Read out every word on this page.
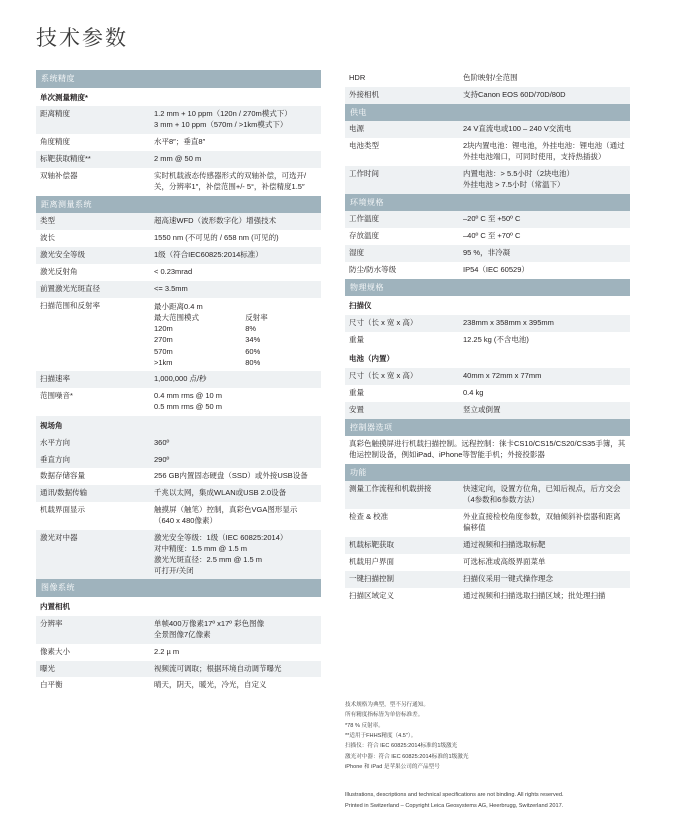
技术参数
系统精度
单次测量精度*	
距离精度	1.2 mm + 10 ppm（120n / 270m模式下）
3 mm + 10 ppm（570m / >1km模式下）
角度精度	水平8″；垂直8″
标靶获取精度**	2 mm @ 50 m
双轴补偿器	实时机载液态传感器形式的双轴补偿，可选开/关，分辨率1″，补偿范围+/- 5°，补偿精度1.5″
距离测量系统
类型	超高速WFD（波形数字化）增强技术
波长	1550 nm (不可见的 / 658 nm (可见的)
激光安全等级	1级（符合IEC60825:2014标准）
激光反射角	< 0.23mrad
前置激光光斑直径	<= 3.5mm
扫描范围和反射率		最小距离0.4 m
最大范围模式	反射率
120m	8%
270m	34%
570m	60%
>1km	80%

扫描速率	1,000,000 点/秒
范围噪音*	0.4 mm rms @ 10 m
0.5 mm rms @ 50 m
视场角	
水平方向	360º
垂直方向	290º
数据存储容量	256 GB内置固态硬盘（SSD）或外接USB设备
通讯/数据传输	千兆以太网，集成WLAN或USB 2.0设备
机载界面显示	触摸屏（触笔）控制，真彩色VGA图形显示（640 x 480像素）
激光对中器	激光安全等级：1级（IEC 60825:2014）
对中精度：1.5 mm @ 1.5 m
激光光斑直径：2.5 mm @ 1.5 m
可打开/关闭
图像系统
内置相机	
分辨率	单帧400万像素17º x17º 彩色图像
全景图像7亿像素
像素大小	2.2 µ m
曝光	视频流可调取；根据环境自动调节曝光
白平衡	晴天，阴天，暖光，冷光，自定义
HDR	色阶映射/全范围
外接相机	支持Canon EOS 60D/70D/80D
供电	
电源	24 V直流电或100 – 240 V交流电
电池类型	2块内置电池：锂电池，外挂电池：锂电池（通过外挂电池端口，可同时使用，支持热插拔）
工作时间	内置电池：> 5.5小时（2块电池）
外挂电池 > 7.5小时（常温下）
环境规格	
工作温度	–20º C 至 +50º C
存放温度	–40º C 至 +70º C
湿度	95 %，非冷凝
防尘/防水等级	IP54（IEC 60529）
物理规格	
扫描仪	
尺寸（长 x 宽 x 高）	238mm x 358mm x 395mm
重量	12.25 kg (不含电池)
电池（内置）	
尺寸（长 x 宽 x 高）	40mm x 72mm x 77mm
重量	0.4 kg
安置	竖立或倒置
控制器选项	
真彩色触摸屏进行机载扫描控制。远程控制：徕卡CS10/CS15/CS20/CS35手簿，其他运控制设备，例如iPad、iPhone等智能手机；外接投影器	
功能	
测量工作流程和机载拼接	快速定向，设置方位角，已知后视点，后方交会（4参数和6参数方法）
检查 & 校准	外业直接检校角度参数，双轴倾斜补偿器和距离偏移值
机载标靶获取	通过视频和扫描选取标靶
机载用户界面	可选标准或高级界面菜单
一键扫描控制	扫描仪采用一键式操作理念
扫描区域定义	通过视频和扫描选取扫描区域；批处理扫描
技术规格为典型，型不另行通知。
所有精度指标皆为单倍标准差。
*78 % 反射率。
**适用于FHHS精度（4.5″）。
扫描仪：符合 IEC 60825:2014标准的1级激光
激光对中器：符合 IEC 60825:2014标准的1级激光
iPhone 和 iPad 是苹果公司的产品型号
Illustrations, descriptions and technical specifications are not binding. All rights reserved.
Printed in Switzerland – Copyright Leica Geosystems AG, Heerbrugg, Switzerland 2017.
